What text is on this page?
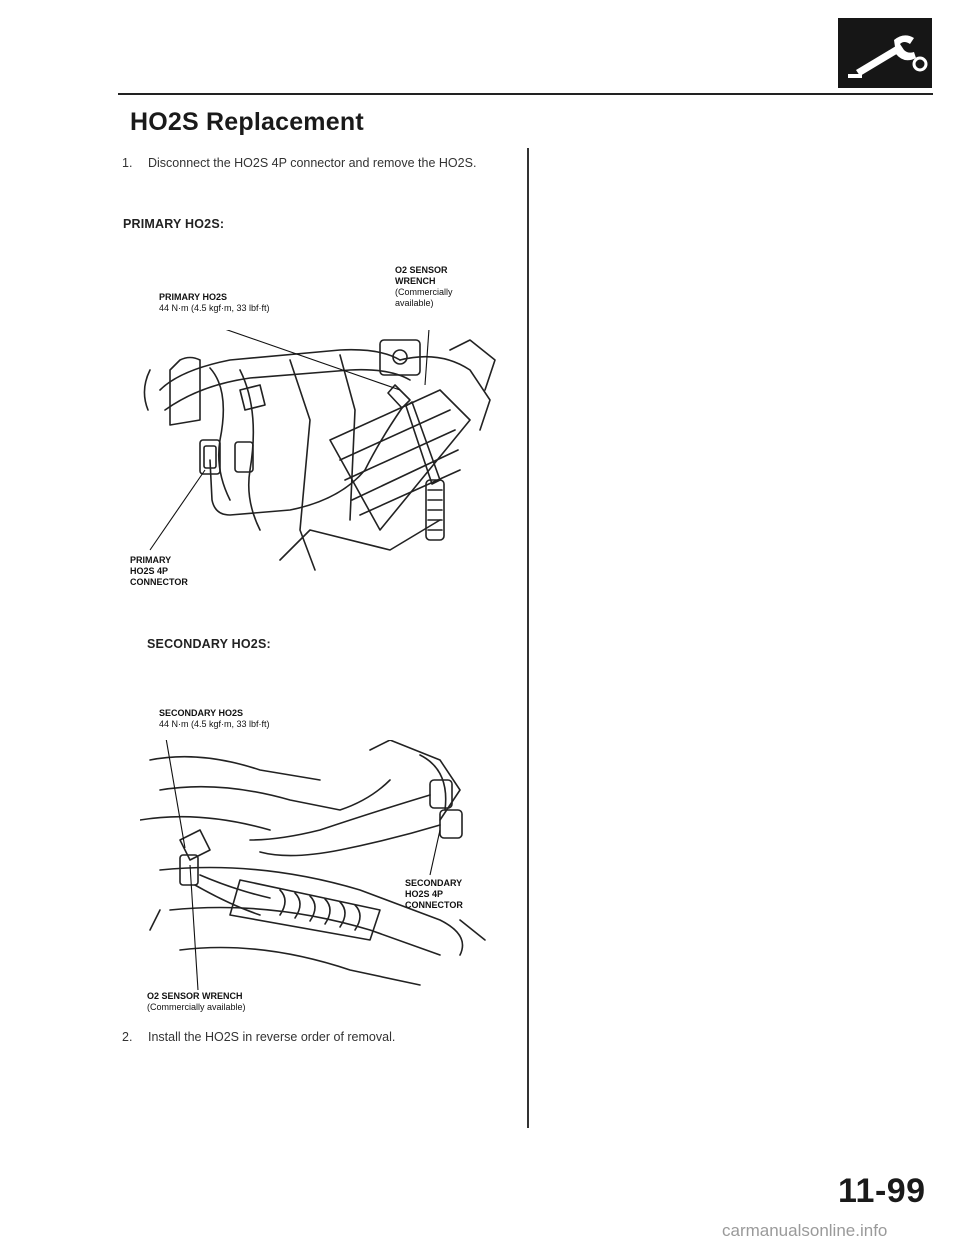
HO2S Replacement
1. Disconnect the HO2S 4P connector and remove the HO2S.
PRIMARY HO2S:
PRIMARY HO2S
44 N·m (4.5 kgf·m, 33 lbf·ft)
O2 SENSOR
WRENCH
(Commercially
available)
PRIMARY
HO2S 4P
CONNECTOR
SECONDARY HO2S:
SECONDARY HO2S
44 N·m (4.5 kgf·m, 33 lbf·ft)
SECONDARY
HO2S 4P
CONNECTOR
O2 SENSOR WRENCH
(Commercially available)
2. Install the HO2S in reverse order of removal.
11-99
carmanualsonline.info
